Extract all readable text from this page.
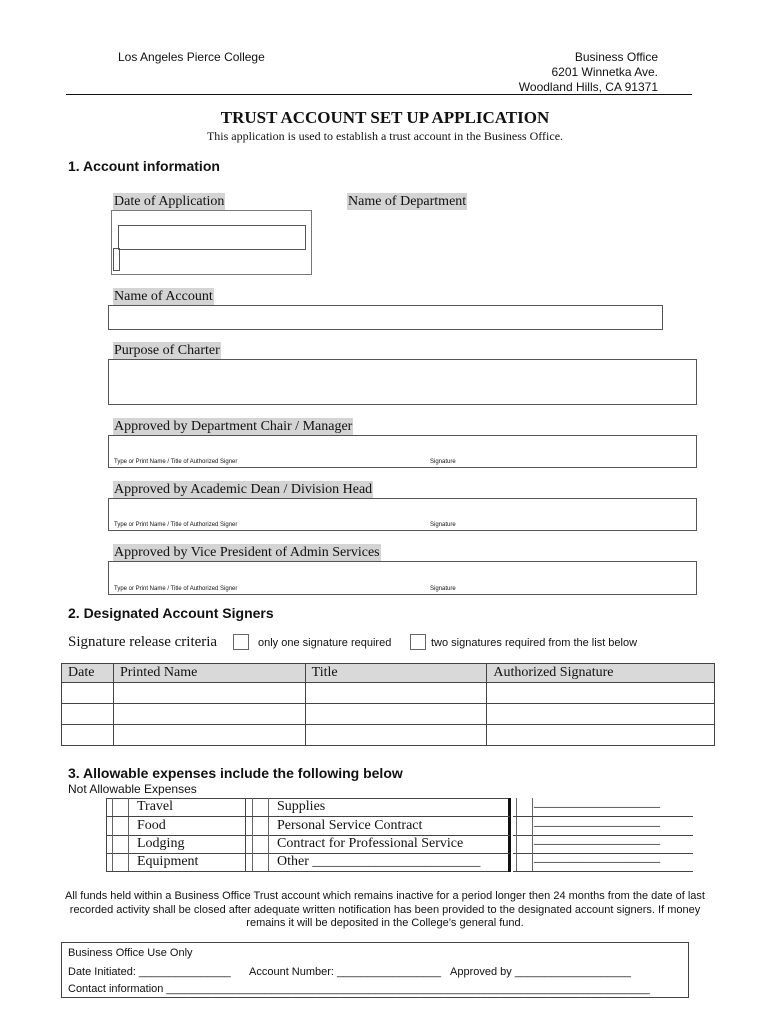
Los Angeles Pierce College	Business Office
6201 Winnetka Ave.
Woodland Hills, CA 91371
TRUST ACCOUNT SET UP APPLICATION
This application is used to establish a trust account in the Business Office.
1. Account information
Date of Application	Name of Department
Name of Account
Purpose of Charter
Approved by Department Chair / Manager
Type or Print Name / Title of Authorized Signer	Signature
Approved by Academic Dean / Division Head
Type or Print Name / Title of Authorized Signer	Signature
Approved by Vice President of Admin Services
Type or Print Name / Title of Authorized Signer	Signature
2. Designated Account Signers
Signature release criteria	only one signature required	two signatures required from the list below
Date	Printed Name	Title	Authorized Signature

3. Allowable expenses include the following below
Not Allowable Expenses
Travel	Supplies	__________________
Food	Personal Service Contract	__________________
Lodging	Contract for Professional Service	__________________
Equipment	Other ________________________	__________________
All funds held within a Business Office Trust account which remains inactive for a period longer then 24 months from the date of last recorded activity shall be closed after adequate written notification has been provided to the designated account signers. If money remains it will be deposited in the College’s general fund.
Business Office Use Only
Date Initiated: _______________ Account Number: _________________ Approved by ___________________
Contact information _______________________________________________________________________________
